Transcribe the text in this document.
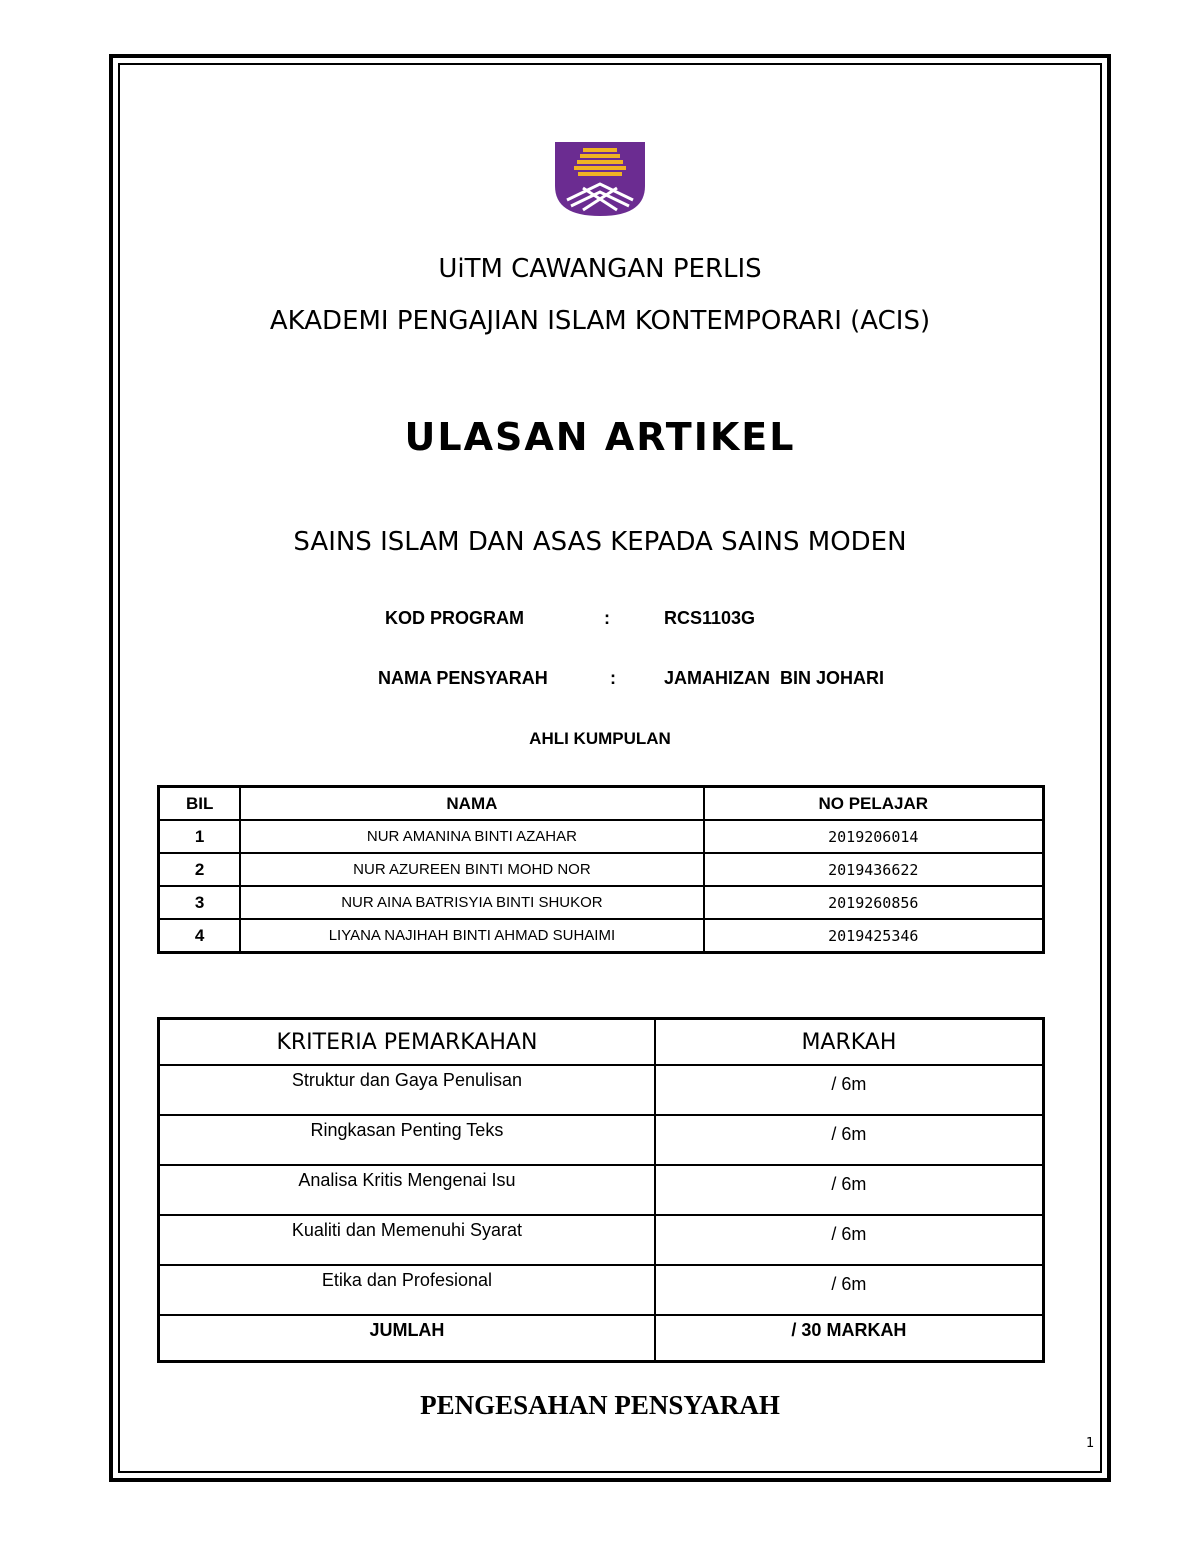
UiTM CAWANGAN PERLIS
AKADEMI PENGAJIAN ISLAM KONTEMPORARI (ACIS)
ULASAN ARTIKEL
SAINS ISLAM DAN ASAS KEPADA SAINS MODEN
KOD PROGRAM	:	RCS1103G
NAMA PENSYARAH	:	JAMAHIZAN  BIN JOHARI
AHLI KUMPULAN
BIL	NAMA	NO PELAJAR
1	NUR AMANINA BINTI AZAHAR	2019206014
2	NUR AZUREEN BINTI MOHD NOR	2019436622
3	NUR AINA BATRISYIA BINTI SHUKOR	2019260856
4	LIYANA NAJIHAH BINTI AHMAD SUHAIMI	2019425346
KRITERIA PEMARKAHAN	MARKAH
Struktur dan Gaya Penulisan	/ 6m
Ringkasan Penting Teks	/ 6m
Analisa Kritis Mengenai Isu	/ 6m
Kualiti dan Memenuhi Syarat	/ 6m
Etika dan Profesional	/ 6m
JUMLAH	/ 30 MARKAH
PENGESAHAN PENSYARAH
1
